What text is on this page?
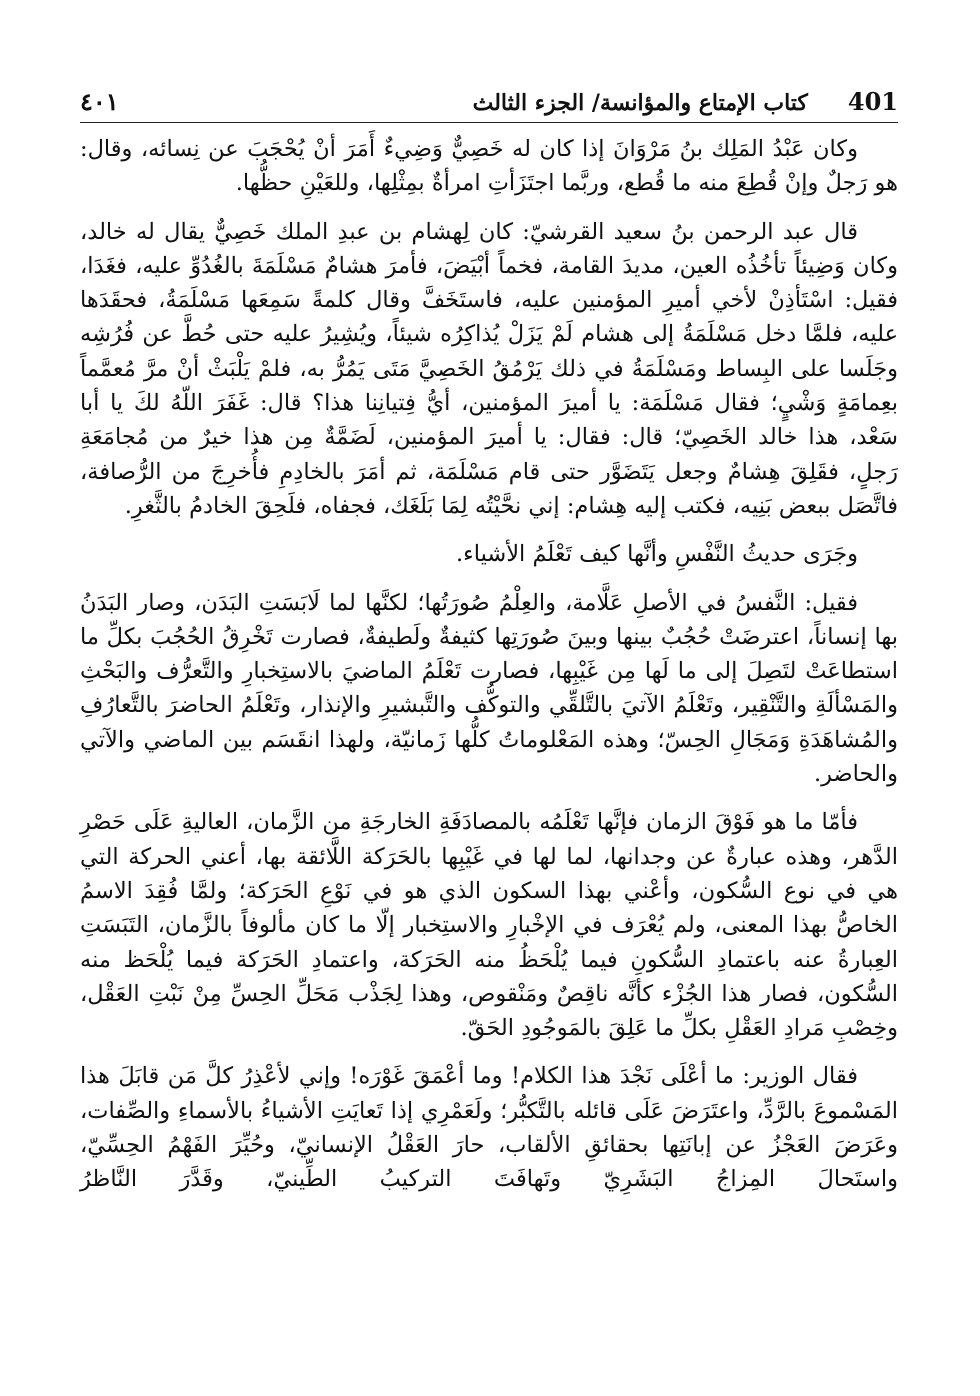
٤٠١	كتاب الإمتاع والمؤانسة/ الجزء الثالث 401

وكان عَبْدُ المَلِك بنُ مَرْوَانَ إذا كان له خَصِيٌّ وَضِيءٌ أَمَرَ أنْ يُحْجَبَ عن نِسائه، وقال: هو رَجلٌ وإنْ قُطِعَ منه ما قُطع، وربَّما اجتَزَأتِ امرأةٌ بمِثْلِها، وللعَيْنِ حظُّها.

قال عبد الرحمن بنُ سعيد القرشيّ: كان لِهشام بن عبدِ الملك خَصِيٌّ يقال له خالد، وكان وَضِيئاً تأخُذُه العين، مديدَ القامة، فخماً أبْيَضَ، فأمرَ هشامٌ مَسْلَمَةَ بالغُدُوِّ عليه، فغَدَا، فقيل: اسْتَأذِنْ لأخي أميرِ المؤمنين عليه، فاستَخَفَّ وقال كلمةً سَمِعَها مَسْلَمَةُ، فحقَدَها عليه، فلمَّا دخل مَسْلَمَةُ إلى هشام لَمْ يَزَلْ يُذاكِرُه شيئاً، ويُشِيرُ عليه حتى حُطَّ عن فُرُشِه وجَلَسا على البِساط ومَسْلَمَةُ في ذلك يَرْمُقُ الخَصِيَّ مَتَى يَمُرُّ به، فلمْ يَلْبَثْ أنْ مرَّ مُعمَّماً بعِمامَةٍ وَشْيٍ؛ فقال مَسْلَمَة: يا أميرَ المؤمنين، أيُّ فِتيانِنا هذا؟ قال: غَفَرَ اللّهُ لكَ يا أبا سَعْد، هذا خالد الخَصِيّ؛ قال: فقال: يا أميرَ المؤمنين، لَضَمَّةٌ مِن هذا خيرٌ من مُجامَعَةِ رَجلٍ، فقَلِقَ هِشامٌ وجعل يَتَضَوَّر حتى قام مَسْلَمَة، ثم أمَرَ بالخادِمِ فأُخرِجَ من الرُّصافة، فاتَّصَل ببعض بَنِيه، فكتب إليه هِشام: إني نحَّيْتُه لِمَا بَلَغَك، فجفاه، فلَحِقَ الخادمُ بالثَّغرِ.

وجَرَى حديثُ النَّفْسِ وأنَّها كيف تَعْلَمُ الأشياء.

فقيل: النَّفسُ في الأصلِ عَلَّامة، والعِلْمُ صُورَتُها؛ لكنَّها لما لَابَسَتِ البَدَن، وصار البَدَنُ بها إنساناً، اعترضَتْ حُجُبٌ بينها وبينَ صُورَتِها كثيفةٌ ولَطيفةٌ، فصارت تَخْرِقُ الحُجُبَ بكلِّ ما استطاعَتْ لتَصِلَ إلى ما لَها مِن غَيْبِها، فصارت تَعْلَمُ الماضيَ بالاستِخبارِ والتَّعرُّف والبَحْثِ والمَسْألَةِ والتَّنْقِير، وتَعْلَمُ الآتيَ بالتَّلقِّي والتوكُّف والتَّبشيرِ والإنذار، وتَعْلَمُ الحاضرَ بالتَّعارُفِ والمُشاهَدَةِ وَمَجَالِ الحِسّ؛ وهذه المَعْلوماتُ كلُّها زَمانيّة، ولهذا انقَسَم بين الماضي والآتي والحاضر.

فأمّا ما هو فَوْقَ الزمان فإنَّها تَعْلَمُه بالمصادَفَةِ الخارجَةِ من الزَّمان، العاليةِ عَلَى حَصْرِ الدَّهر، وهذه عبارةٌ عن وجدانها، لما لها في غَيْبِها بالحَرَكة اللَّائقة بها، أعني الحركة التي هي في نوع السُّكون، وأعْني بهذا السكون الذي هو في نَوْعِ الحَرَكة؛ ولمَّا فُقِدَ الاسمُ الخاصُّ بهذا المعنى، ولم يُعْرَف في الإخْبارِ والاستِخبار إلّا ما كان مألوفاً بالزَّمان، التَبَسَتِ العِبارةُ عنه باعتمادِ السُّكونِ فيما يُلْحَظُ منه الحَرَكة، واعتمادِ الحَرَكة فيما يُلْحَظ منه السُّكون، فصار هذا الجُزْء كأنَّه ناقِصٌ ومَنْقوص، وهذا لِجَذْب مَحَلِّ الحِسِّ مِنْ نَبْتِ العَقْل، وخِصْبِ مَرادِ العَقْلِ بكلِّ ما عَلِقَ بالمَوجُودِ الحَقّ.

فقال الوزير: ما أعْلَى نَجْدَ هذا الكلام! وما أعْمَقَ غَوْرَه! وإني لأعْذِرُ كلَّ مَن قابَلَ هذا المَسْموعَ بالرَّدِّ، واعتَرَضَ عَلَى قائله بالتَّكبُّر؛ ولَعَمْرِي إذا تَعايَتِ الأشياءُ بالأسماءِ والصِّفات، وعَرَضَ العَجْزُ عن إبانَتِها بحقائقِ الألقاب، حارَ العَقْلُ الإنسانيّ، وحُيِّرَ الفَهْمُ الحِسِّيّ، واستَحالَ المِزاجُ البَشَرِيّ وتَهافَتَ التركيبُ الطِّينيّ، وقَدَّرَ النَّاظرُ
